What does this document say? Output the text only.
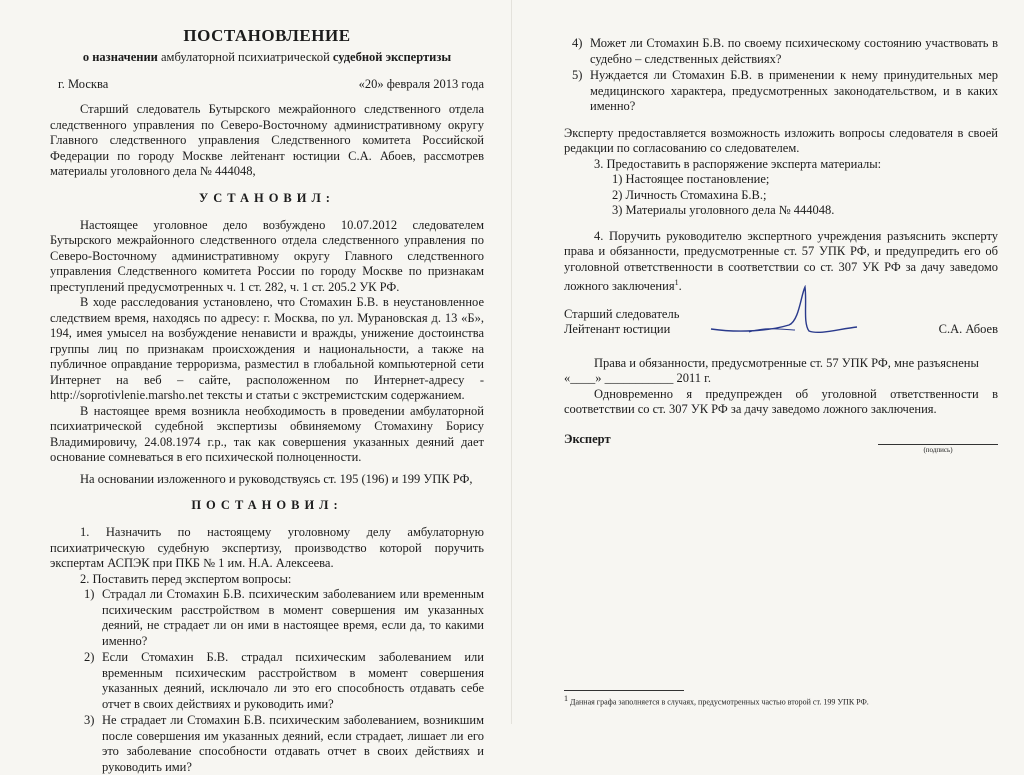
ПОСТАНОВЛЕНИЕ
о назначении амбулаторной психиатрической судебной экспертизы
г. Москва	«20» февраля 2013 года

Старший следователь Бутырского межрайонного следственного отдела следственного управления по Северо-Восточному административному округу Главного следственного управления Следственного комитета Российской Федерации по городу Москве лейтенант юстиции С.А. Абоев, рассмотрев материалы уголовного дела № 444048,

УСТАНОВИЛ:

Настоящее уголовное дело возбуждено 10.07.2012 следователем Бутырского межрайонного следственного отдела следственного управления по Северо-Восточному административному округу Главного следственного управления Следственного комитета России по городу Москве по признакам преступлений предусмотренных ч. 1 ст. 282, ч. 1 ст. 205.2 УК РФ.

В ходе расследования установлено, что Стомахин Б.В. в неустановленное следствием время, находясь по адресу: г. Москва, по ул. Мурановская д. 13 «Б», 194, имея умысел на возбуждение ненависти и вражды, унижение достоинства группы лиц по признакам происхождения и национальности, а также на публичное оправдание терроризма, разместил в глобальной компьютерной сети Интернет на веб – сайте, расположенном по Интернет-адресу - http://soprotivlenie.marsho.net тексты и статьи с экстремистским содержанием.

В настоящее время возникла необходимость в проведении амбулаторной психиатрической судебной экспертизы обвиняемому Стомахину Борису Владимировичу, 24.08.1974 г.р., так как совершения указанных деяний дает основание сомневаться в его психической полноценности.

На основании изложенного и руководствуясь ст. 195 (196) и 199 УПК РФ,

ПОСТАНОВИЛ:

1. Назначить по настоящему уголовному делу амбулаторную психиатрическую судебную экспертизу, производство которой поручить экспертам АСПЭК при ПКБ № 1 им. Н.А. Алексеева.

2. Поставить перед экспертом вопросы:

1) Страдал ли Стомахин Б.В. психическим заболеванием или временным психическим расстройством в момент совершения им указанных деяний, не страдает ли он ими в настоящее время, если да, то какими именно?
2) Если Стомахин Б.В. страдал психическим заболеванием или временным психическим расстройством в момент совершения указанных деяний, исключало ли это его способность отдавать себе отчет в своих действиях и руководить ими?
3) Не страдает ли Стомахин Б.В. психическим заболеванием, возникшим после совершения им указанных деяний, если страдает, лишает ли его это заболевание способности отдавать отчет в своих действиях и руководить ими?
4) Может ли Стомахин Б.В. по своему психическому состоянию участвовать в судебно – следственных действиях?
5) Нуждается ли Стомахин Б.В. в применении к нему принудительных мер медицинского характера, предусмотренных законодательством, и в каких именно?

Эксперту предоставляется возможность изложить вопросы следователя в своей редакции по согласованию со следователем.

3. Предоставить в распоряжение эксперта материалы:

1) Настоящее постановление;
2) Личность Стомахина Б.В.;
3) Материалы уголовного дела № 444048.

4. Поручить руководителю экспертного учреждения разъяснить эксперту права и обязанности, предусмотренные ст. 57 УПК РФ, и предупредить его об уголовной ответственности в соответствии со ст. 307 УК РФ за дачу заведомо ложного заключения$^1$.

Старший следователь
Лейтенант юстиции	С.А. Абоев

Права и обязанности, предусмотренные ст. 57 УПК РФ, мне разъяснены

«____» ___________ 2011 г.

Одновременно я предупрежден об уголовной ответственности в соответствии со ст. 307 УК РФ за дачу заведомо ложного заключения.

Эксперт
(подпись)
$^1$ Данная графа заполняется в случаях, предусмотренных частью второй ст. 199 УПК РФ.
